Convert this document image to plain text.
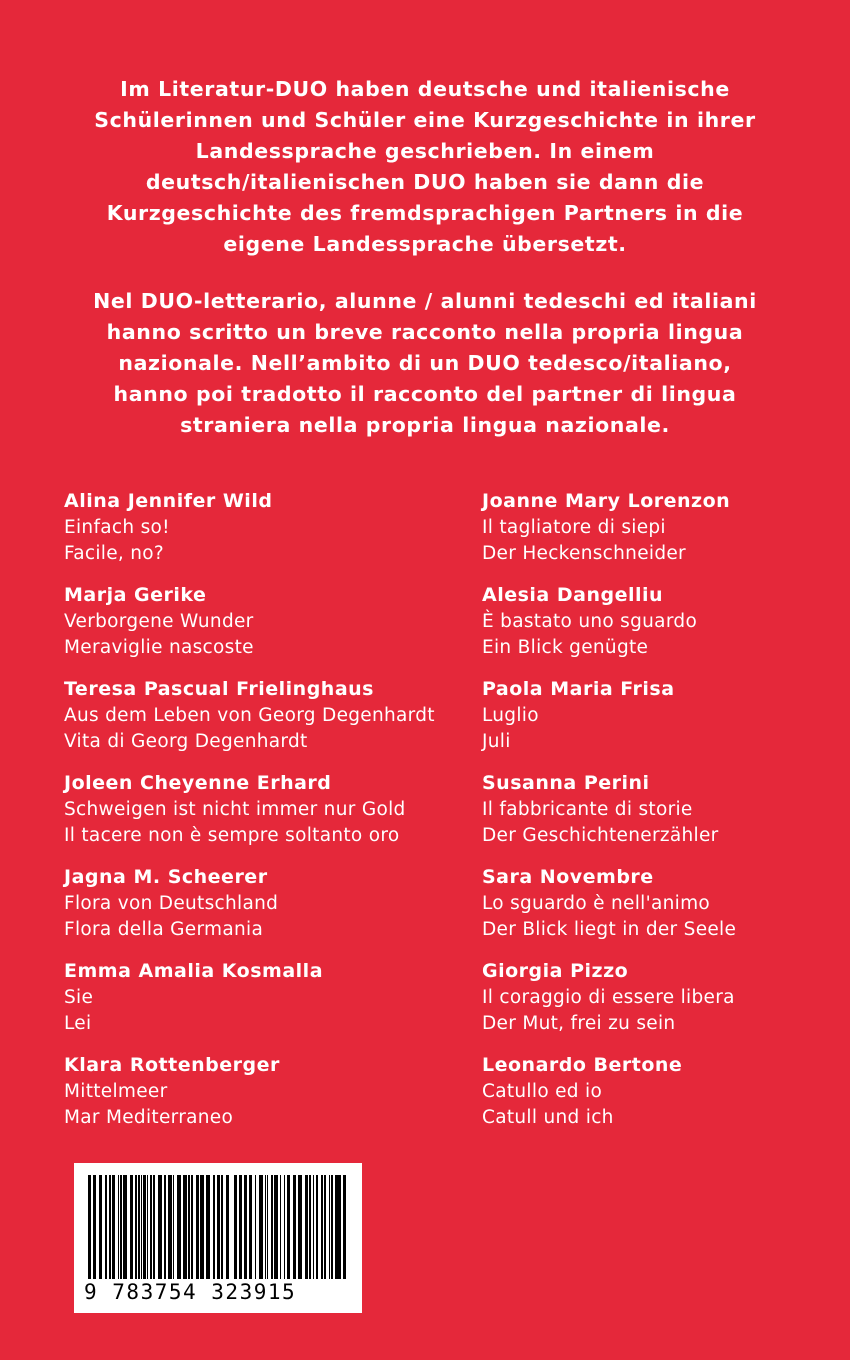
Im Literatur-DUO haben deutsche und italienische
Schülerinnen und Schüler eine Kurzgeschichte in ihrer
Landessprache geschrieben. In einem
deutsch/italienischen DUO haben sie dann die
Kurzgeschichte des fremdsprachigen Partners in die
eigene Landessprache übersetzt.
Nel DUO-letterario, alunne / alunni tedeschi ed italiani
hanno scritto un breve racconto nella propria lingua
nazionale. Nell’ambito di un DUO tedesco/italiano,
hanno poi tradotto il racconto del partner di lingua
straniera nella propria lingua nazionale.
Alina Jennifer Wild
Einfach so!
Facile, no?
Marja Gerike
Verborgene Wunder
Meraviglie nascoste
Teresa Pascual Frielinghaus
Aus dem Leben von Georg Degenhardt
Vita di Georg Degenhardt
Joleen Cheyenne Erhard
Schweigen ist nicht immer nur Gold
Il tacere non è sempre soltanto oro
Jagna M. Scheerer
Flora von Deutschland
Flora della Germania
Emma Amalia Kosmalla
Sie
Lei
Klara Rottenberger
Mittelmeer
Mar Mediterraneo
Joanne Mary Lorenzon
Il tagliatore di siepi
Der Heckenschneider
Alesia Dangelliu
È bastato uno sguardo
Ein Blick genügte
Paola Maria Frisa
Luglio
Juli
Susanna Perini
Il fabbricante di storie
Der Geschichtenerzähler
Sara Novembre
Lo sguardo è nell'animo
Der Blick liegt in der Seele
Giorgia Pizzo
Il coraggio di essere libera
Der Mut, frei zu sein
Leonardo Bertone
Catullo ed io
Catull und ich
9 783754 323915
